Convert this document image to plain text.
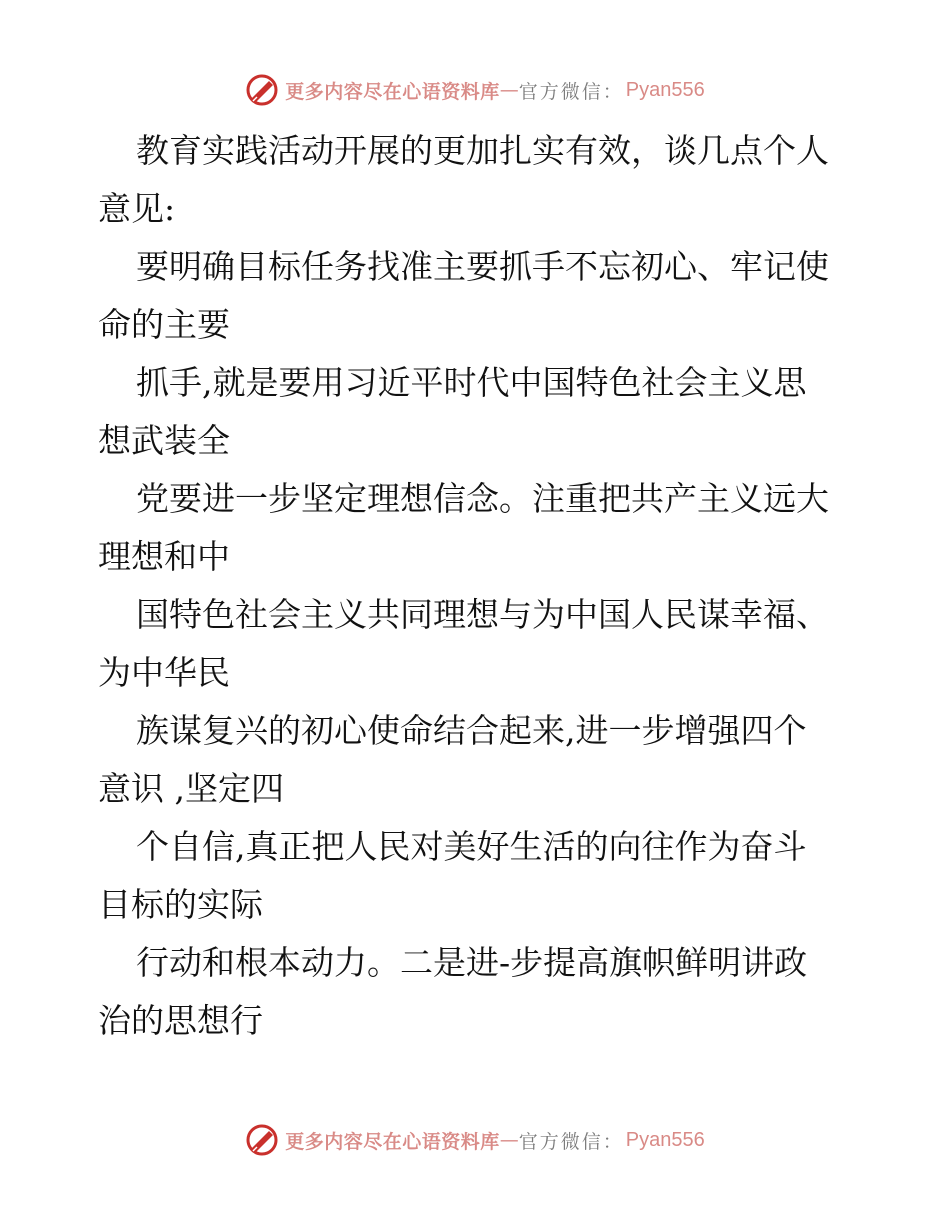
更多内容尽在心语资料库 — 官方微信： Pyan556
教育实践活动开展的更加扎实有效，谈几点个人
意见:
要明确目标任务找准主要抓手不忘初心、牢记使
命的主要
抓手,就是要用习近平时代中国特色社会主义思
想武装全
党要进一步坚定理想信念。注重把共产主义远大
理想和中
国特色社会主义共同理想与为中国人民谋幸福、
为中华民
族谋复兴的初心使命结合起来,进一步增强四个
意识 ,坚定四
个自信,真正把人民对美好生活的向往作为奋斗
目标的实际
行动和根本动力。二是进-步提高旗帜鲜明讲政
治的思想行
更多内容尽在心语资料库 — 官方微信： Pyan556
